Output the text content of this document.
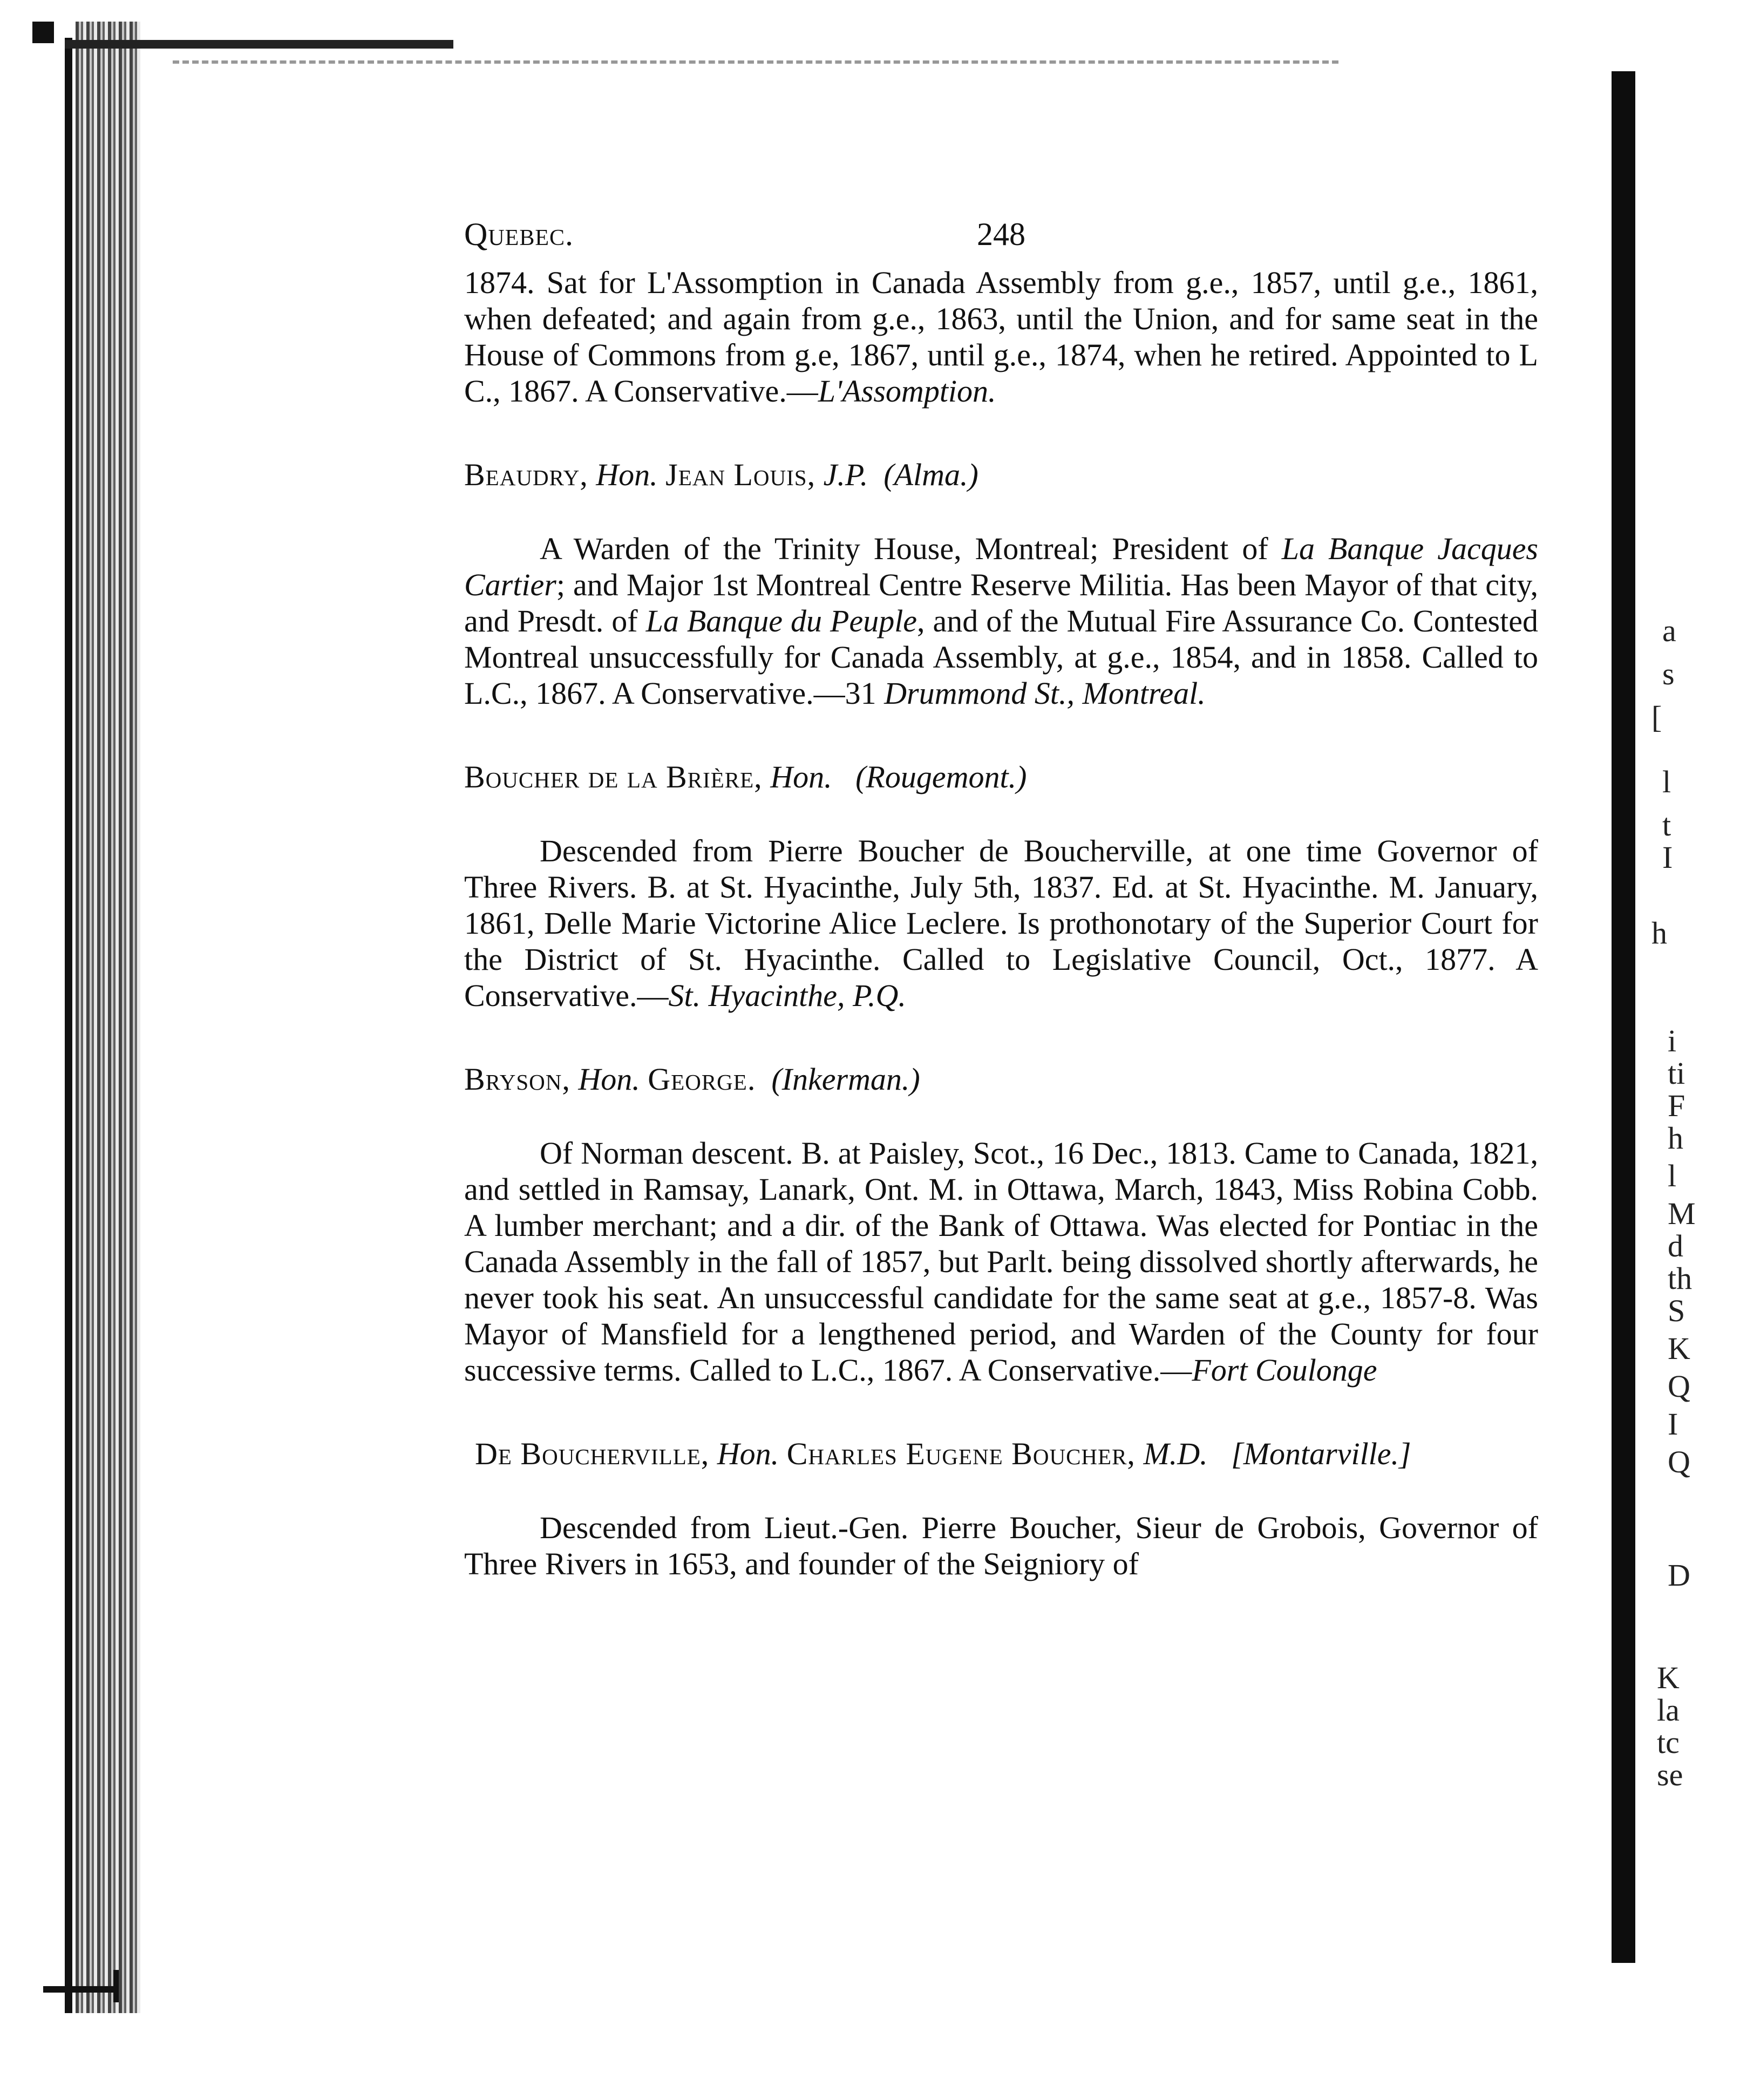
a
s
[
l
t
I
h
i
ti
F
h
l
M
d
th
S
K
Q
I
Q
D
K
la
tc
se
Quebec.	248

1874. Sat for L'Assomption in Canada Assembly from g.e., 1857, until g.e., 1861, when defeated; and again from g.e., 1863, until the Union, and for same seat in the House of Commons from g.e, 1867, until g.e., 1874, when he retired. Appointed to L C., 1867. A Conservative.—L'Assomption.

Beaudry, Hon. Jean Louis, J.P. (Alma.)

A Warden of the Trinity House, Montreal; President of La Banque Jacques Cartier; and Major 1st Montreal Centre Reserve Militia. Has been Mayor of that city, and Presdt. of La Banque du Peuple, and of the Mutual Fire Assurance Co. Contested Montreal unsuccessfully for Canada Assembly, at g.e., 1854, and in 1858. Called to L.C., 1867. A Conservative.—31 Drummond St., Montreal.

Boucher de la Brière, Hon. (Rougemont.)

Descended from Pierre Boucher de Boucherville, at one time Governor of Three Rivers. B. at St. Hyacinthe, July 5th, 1837. Ed. at St. Hyacinthe. M. January, 1861, Delle Marie Victorine Alice Leclere. Is prothonotary of the Superior Court for the District of St. Hyacinthe. Called to Legislative Council, Oct., 1877. A Conservative.—St. Hyacinthe, P.Q.

Bryson, Hon. George. (Inkerman.)

Of Norman descent. B. at Paisley, Scot., 16 Dec., 1813. Came to Canada, 1821, and settled in Ramsay, Lanark, Ont. M. in Ottawa, March, 1843, Miss Robina Cobb. A lumber merchant; and a dir. of the Bank of Ottawa. Was elected for Pontiac in the Canada Assembly in the fall of 1857, but Parlt. being dissolved shortly afterwards, he never took his seat. An unsuccessful candidate for the same seat at g.e., 1857-8. Was Mayor of Mansfield for a lengthened period, and Warden of the County for four successive terms. Called to L.C., 1867. A Conservative.—Fort Coulonge

De Boucherville, Hon. Charles Eugene Boucher, M.D. [Montarville.]

Descended from Lieut.-Gen. Pierre Boucher, Sieur de Grobois, Governor of Three Rivers in 1653, and founder of the Seigniory of
